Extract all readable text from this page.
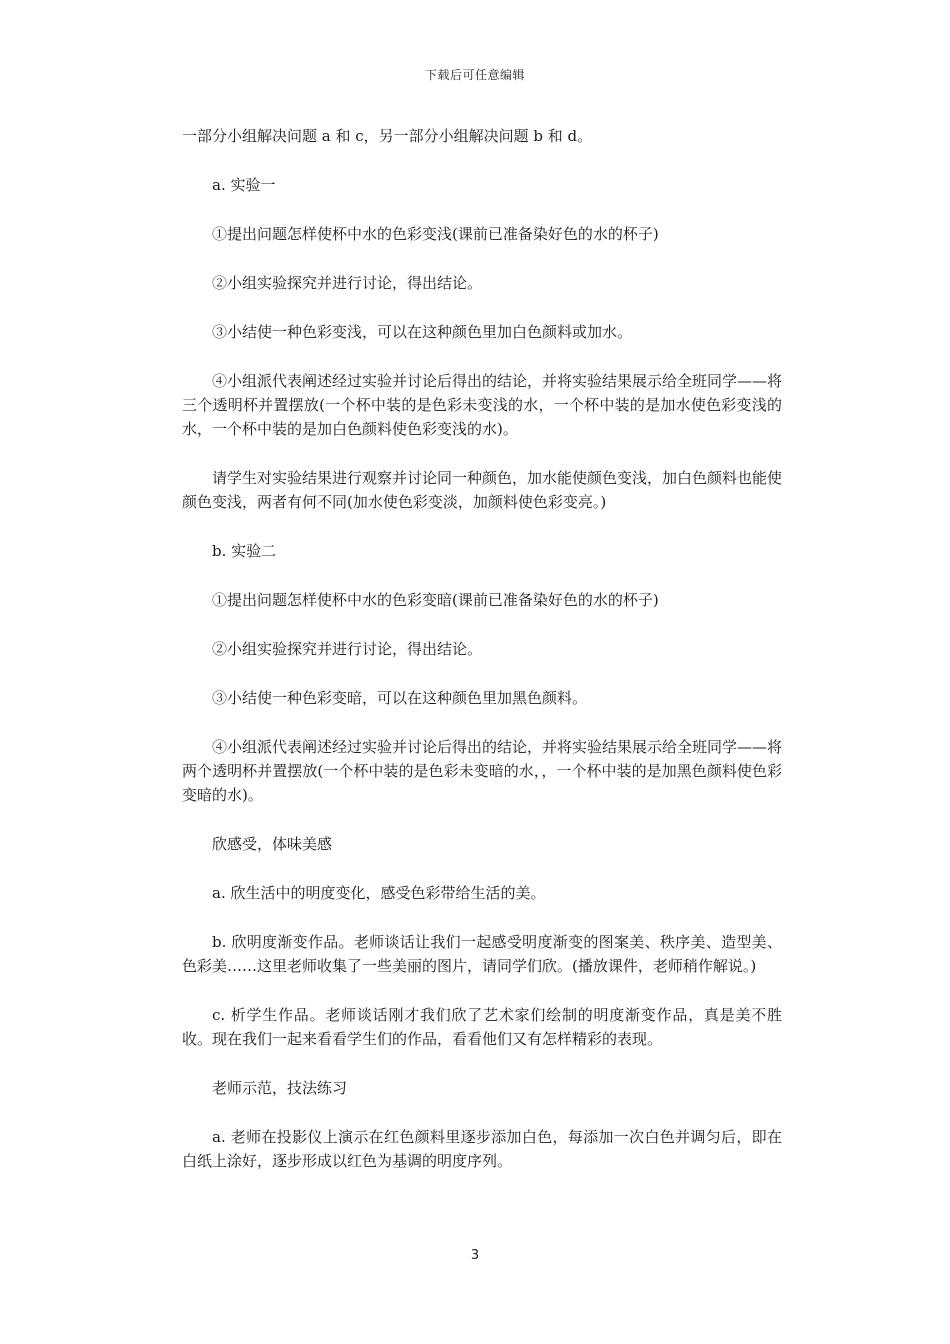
下载后可任意编辑

一部分小组解决问题 a 和 c，另一部分小组解决问题 b 和 d。

a. 实验一

①提出问题怎样使杯中水的色彩变浅(课前已准备染好色的水的杯子)

②小组实验探究并进行讨论，得出结论。

③小结使一种色彩变浅，可以在这种颜色里加白色颜料或加水。

④小组派代表阐述经过实验并讨论后得出的结论，并将实验结果展示给全班同学——将三个透明杯并置摆放(一个杯中装的是色彩未变浅的水，一个杯中装的是加水使色彩变浅的水，一个杯中装的是加白色颜料使色彩变浅的水)。

请学生对实验结果进行观察并讨论同一种颜色，加水能使颜色变浅，加白色颜料也能使颜色变浅，两者有何不同(加水使色彩变淡，加颜料使色彩变亮。)

b. 实验二

①提出问题怎样使杯中水的色彩变暗(课前已准备染好色的水的杯子)

②小组实验探究并进行讨论，得出结论。

③小结使一种色彩变暗，可以在这种颜色里加黑色颜料。

④小组派代表阐述经过实验并讨论后得出的结论，并将实验结果展示给全班同学——将两个透明杯并置摆放(一个杯中装的是色彩未变暗的水，，一个杯中装的是加黑色颜料使色彩变暗的水)。

欣感受，体味美感

a. 欣生活中的明度变化，感受色彩带给生活的美。

b. 欣明度渐变作品。老师谈话让我们一起感受明度渐变的图案美、秩序美、造型美、色彩美……这里老师收集了一些美丽的图片，请同学们欣。(播放课件，老师稍作解说。)

c. 析学生作品。老师谈话刚才我们欣了艺术家们绘制的明度渐变作品，真是美不胜收。现在我们一起来看看学生们的作品，看看他们又有怎样精彩的表现。

老师示范，技法练习

a. 老师在投影仪上演示在红色颜料里逐步添加白色，每添加一次白色并调匀后，即在白纸上涂好，逐步形成以红色为基调的明度序列。

3
